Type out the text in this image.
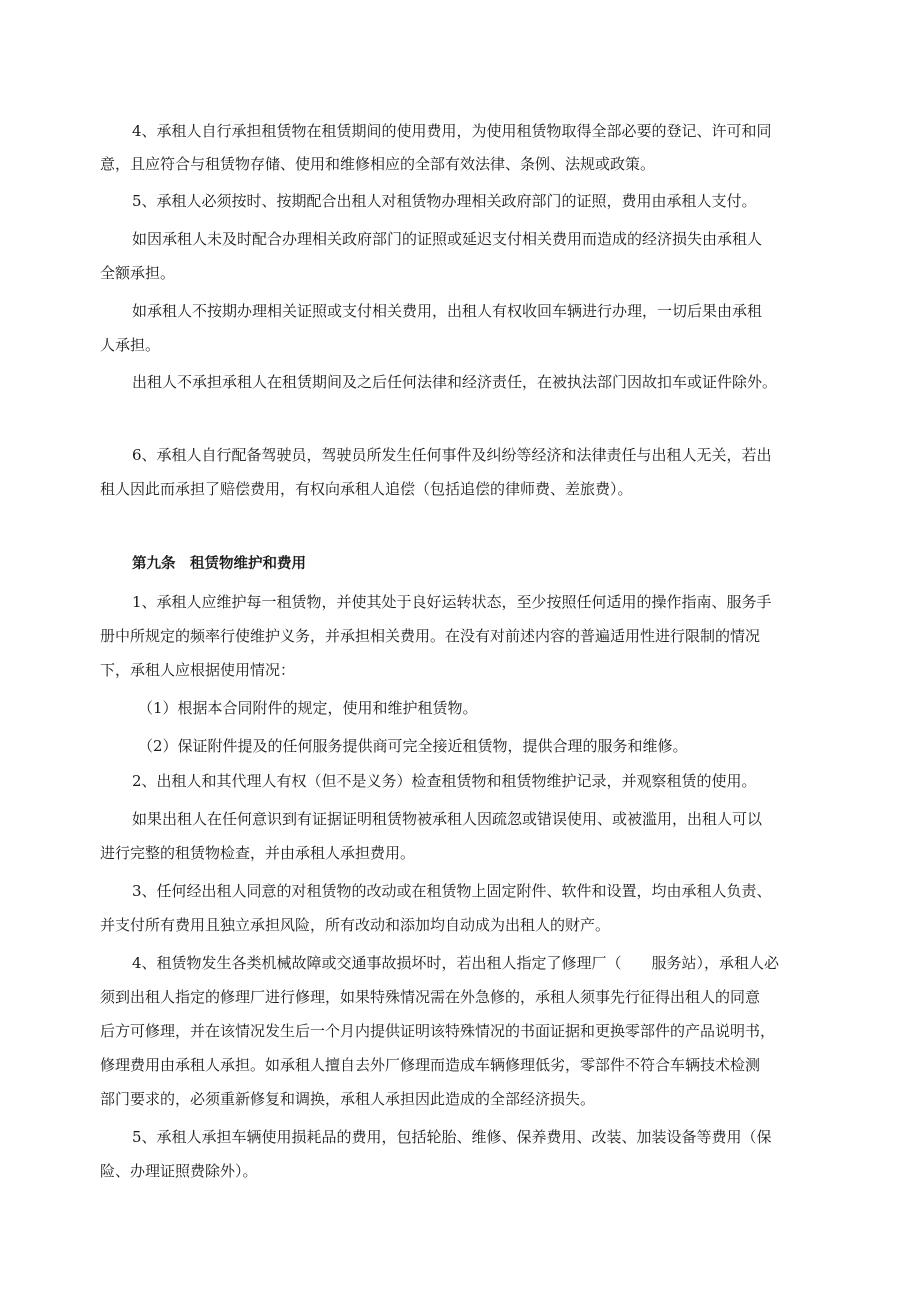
4、承租人自行承担租赁物在租赁期间的使用费用，为使用租赁物取得全部必要的登记、许可和同
意，且应符合与租赁物存储、使用和维修相应的全部有效法律、条例、法规或政策。
5、承租人必须按时、按期配合出租人对租赁物办理相关政府部门的证照，费用由承租人支付。
如因承租人未及时配合办理相关政府部门的证照或延迟支付相关费用而造成的经济损失由承租人
全额承担。
如承租人不按期办理相关证照或支付相关费用，出租人有权收回车辆进行办理，一切后果由承租
人承担。
出租人不承担承租人在租赁期间及之后任何法律和经济责任，在被执法部门因故扣车或证件除外。
6、承租人自行配备驾驶员，驾驶员所发生任何事件及纠纷等经济和法律责任与出租人无关，若出
租人因此而承担了赔偿费用，有权向承租人追偿（包括追偿的律师费、差旅费）。
第九条　租赁物维护和费用
1、承租人应维护每一租赁物，并使其处于良好运转状态，至少按照任何适用的操作指南、服务手
册中所规定的频率行使维护义务，并承担相关费用。在没有对前述内容的普遍适用性进行限制的情况
下，承租人应根据使用情况：
（1）根据本合同附件的规定，使用和维护租赁物。
（2）保证附件提及的任何服务提供商可完全接近租赁物，提供合理的服务和维修。
2、出租人和其代理人有权（但不是义务）检查租赁物和租赁物维护记录，并观察租赁的使用。
如果出租人在任何意识到有证据证明租赁物被承租人因疏忽或错误使用、或被滥用，出租人可以
进行完整的租赁物检查，并由承租人承担费用。
3、任何经出租人同意的对租赁物的改动或在租赁物上固定附件、软件和设置，均由承租人负责、
并支付所有费用且独立承担风险，所有改动和添加均自动成为出租人的财产。
4、租赁物发生各类机械故障或交通事故损坏时，若出租人指定了修理厂（　　服务站），承租人必
须到出租人指定的修理厂进行修理，如果特殊情况需在外急修的，承租人须事先行征得出租人的同意
后方可修理，并在该情况发生后一个月内提供证明该特殊情况的书面证据和更换零部件的产品说明书，
修理费用由承租人承担。如承租人擅自去外厂修理而造成车辆修理低劣，零部件不符合车辆技术检测
部门要求的，必须重新修复和调换，承租人承担因此造成的全部经济损失。
5、承租人承担车辆使用损耗品的费用，包括轮胎、维修、保养费用、改装、加装设备等费用（保
险、办理证照费除外）。
